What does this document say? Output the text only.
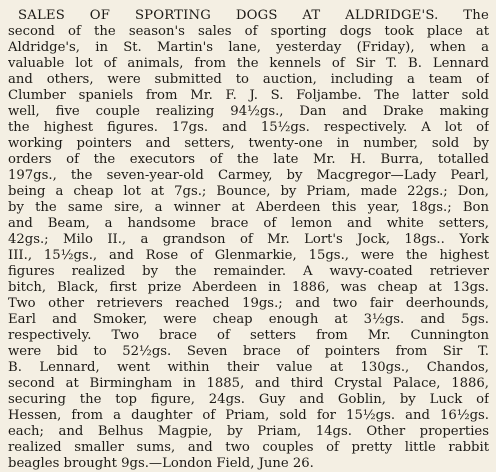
SALES OF SPORTING DOGS AT ALDRIDGE'S. The
second of the season's sales of sporting dogs took place at
Aldridge's, in St. Martin's lane, yesterday (Friday), when a
valuable lot of animals, from the kennels of Sir T. B. Lennard
and others, were submitted to auction, including a team of
Clumber spaniels from Mr. F. J. S. Foljambe. The latter sold
well, five couple realizing 94½gs., Dan and Drake making
the highest figures. 17gs. and 15½gs. respectively. A lot of
working pointers and setters, twenty-one in number, sold by
orders of the executors of the late Mr. H. Burra, totalled
197gs., the seven-year-old Carmey, by Macgregor—Lady Pearl,
being a cheap lot at 7gs.; Bounce, by Priam, made 22gs.; Don,
by the same sire, a winner at Aberdeen this year, 18gs.; Bon
and Beam, a handsome brace of lemon and white setters,
42gs.; Milo II., a grandson of Mr. Lort's Jock, 18gs.. York
III., 15½gs., and Rose of Glenmarkie, 15gs., were the highest
figures realized by the remainder. A wavy-coated retriever
bitch, Black, first prize Aberdeen in 1886, was cheap at 13gs.
Two other retrievers reached 19gs.; and two fair deerhounds,
Earl and Smoker, were cheap enough at 3½gs. and 5gs.
respectively. Two brace of setters from Mr. Cunnington
were bid to 52½gs. Seven brace of pointers from Sir T.
B. Lennard, went within their value at 130gs., Chandos,
second at Birmingham in 1885, and third Crystal Palace, 1886,
securing the top figure, 24gs. Guy and Goblin, by Luck of
Hessen, from a daughter of Priam, sold for 15½gs. and 16½gs.
each; and Belhus Magpie, by Priam, 14gs. Other properties
realized smaller sums, and two couples of pretty little rabbit
beagles brought 9gs.—London Field, June 26.
